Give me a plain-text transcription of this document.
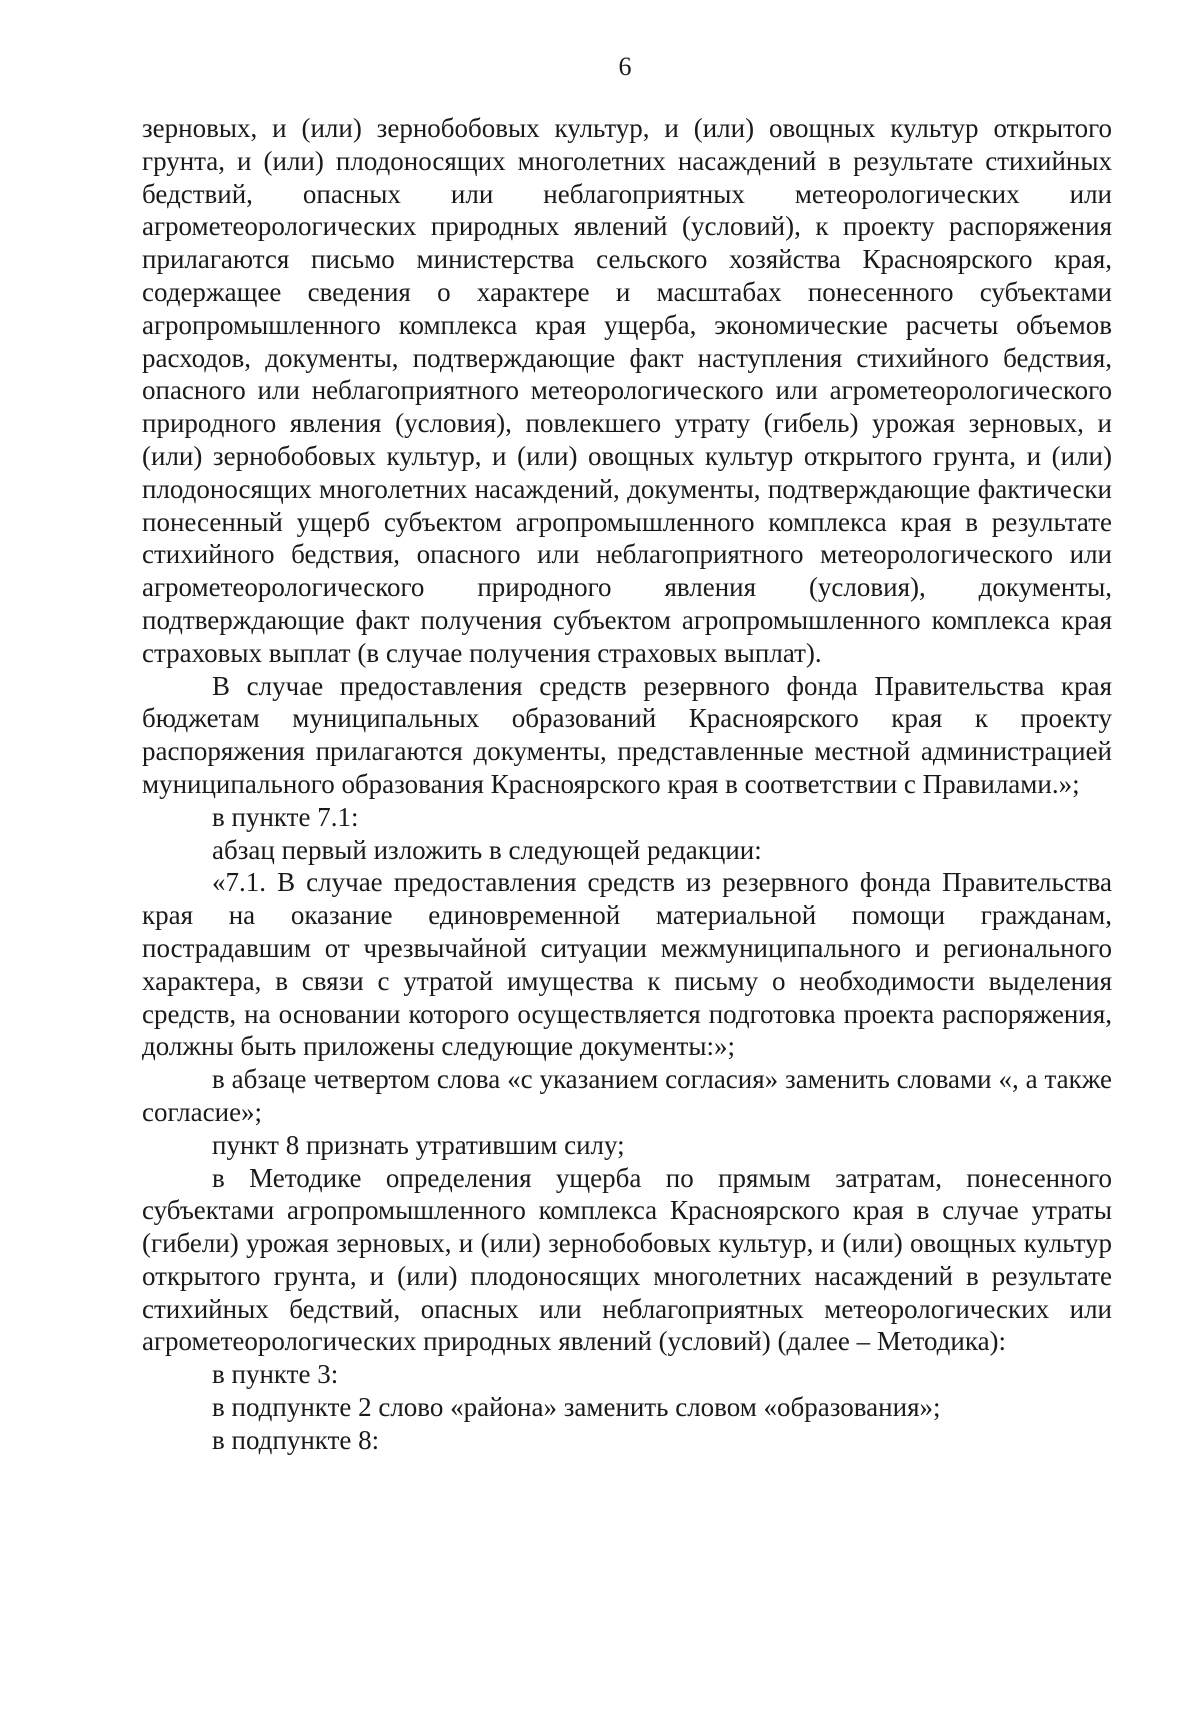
6

зерновых, и (или) зернобобовых культур, и (или) овощных культур открытого грунта, и (или) плодоносящих многолетних насаждений в результате стихийных бедствий, опасных или неблагоприятных метеорологических или агрометеорологических природных явлений (условий), к проекту распоряжения прилагаются письмо министерства сельского хозяйства Красноярского края, содержащее сведения о характере и масштабах понесенного субъектами агропромышленного комплекса края ущерба, экономические расчеты объемов расходов, документы, подтверждающие факт наступления стихийного бедствия, опасного или неблагоприятного метеорологического или агрометеорологического природного явления (условия), повлекшего утрату (гибель) урожая зерновых, и (или) зернобобовых культур, и (или) овощных культур открытого грунта, и (или) плодоносящих многолетних насаждений, документы, подтверждающие фактически понесенный ущерб субъектом агропромышленного комплекса края в результате стихийного бедствия, опасного или неблагоприятного метеорологического или агрометеорологического природного явления (условия), документы, подтверждающие факт получения субъектом агропромышленного комплекса края страховых выплат (в случае получения страховых выплат).

В случае предоставления средств резервного фонда Правительства края бюджетам муниципальных образований Красноярского края к проекту распоряжения прилагаются документы, представленные местной администрацией муниципального образования Красноярского края в соответствии с Правилами.»;

в пункте 7.1:

абзац первый изложить в следующей редакции:

«7.1. В случае предоставления средств из резервного фонда Правительства края на оказание единовременной материальной помощи гражданам, пострадавшим от чрезвычайной ситуации межмуниципального и регионального характера, в связи с утратой имущества к письму о необходимости выделения средств, на основании которого осуществляется подготовка проекта распоряжения, должны быть приложены следующие документы:»;

в абзаце четвертом слова «с указанием согласия» заменить словами «, а также согласие»;

пункт 8 признать утратившим силу;

в Методике определения ущерба по прямым затратам, понесенного субъектами агропромышленного комплекса Красноярского края в случае утраты (гибели) урожая зерновых, и (или) зернобобовых культур, и (или) овощных культур открытого грунта, и (или) плодоносящих многолетних насаждений в результате стихийных бедствий, опасных или неблагоприятных метеорологических или агрометеорологических природных явлений (условий) (далее – Методика):

в пункте 3:

в подпункте 2 слово «района» заменить словом «образования»;

в подпункте 8:
